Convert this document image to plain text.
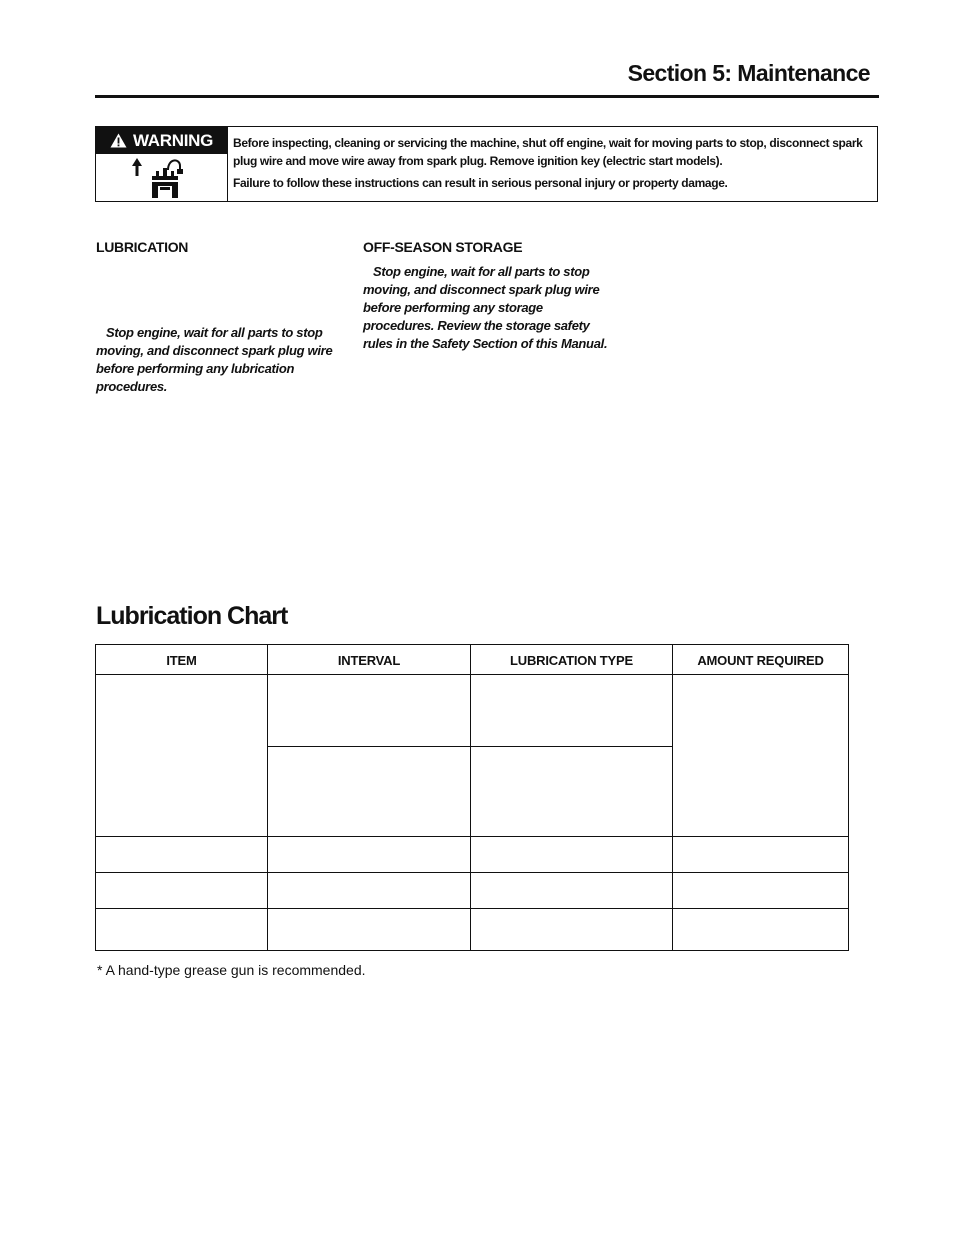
Section 5: Maintenance
WARNING Before inspecting, cleaning or servicing the machine, shut off engine, wait for moving parts to stop, disconnect spark plug wire and move wire away from spark plug. Remove ignition key (electric start models).

Failure to follow these instructions can result in serious personal injury or property damage.

LUBRICATION
Stop engine, wait for all parts to stop moving, and disconnect spark plug wire before performing any lubrication procedures.
OFF-SEASON STORAGE
Stop engine, wait for all parts to stop moving, and disconnect spark plug wire before performing any storage procedures. Review the storage safety rules in the Safety Section of this Manual.
Lubrication Chart
ITEM	INTERVAL	LUBRICATION TYPE	AMOUNT REQUIRED
* A hand-type grease gun is recommended.
